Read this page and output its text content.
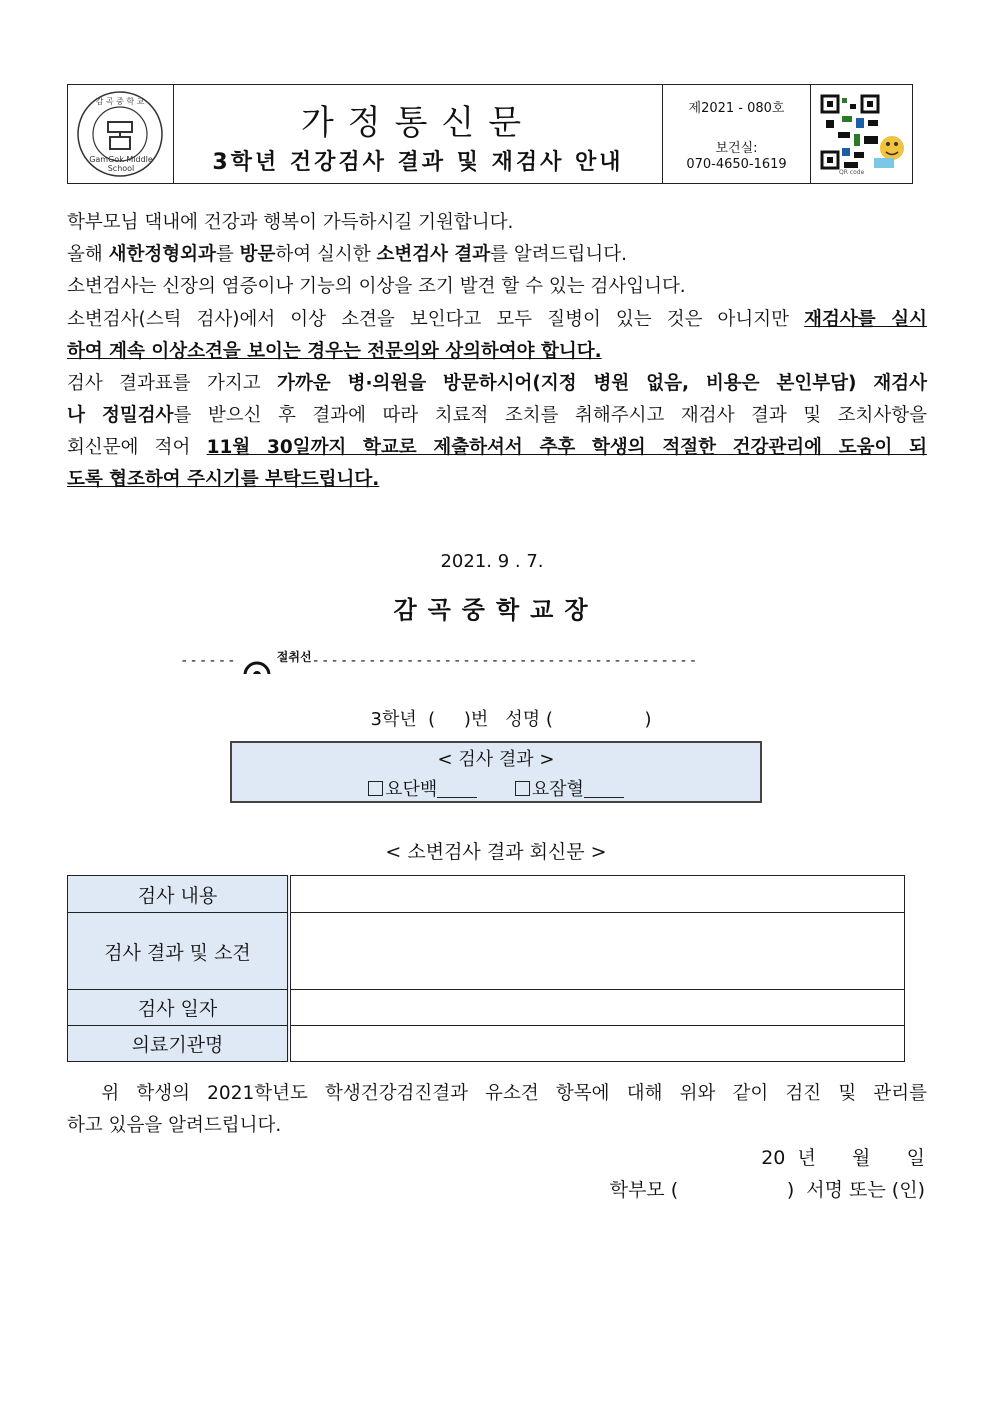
감 곡 중 학 교
GamGok Middle School
가정통신문
3학년 건강검사 결과 및 재검사 안내
제2021 - 080호
보건실:
070-4650-1619
QR code
학부모님 댁내에 건강과 행복이 가득하시길 기원합니다.
올해 새한정형외과를 방문하여 실시한 소변검사 결과를 알려드립니다.
소변검사는 신장의 염증이나 기능의 이상을 조기 발견 할 수 있는 검사입니다.
소변검사(스틱 검사)에서 이상 소견을 보인다고 모두 질병이 있는 것은 아니지만 재검사를 실시
하여 계속 이상소견을 보이는 경우는 전문의와 상의하여야 합니다.
검사 결과표를 가지고 가까운 병·의원을 방문하시어(지정 병원 없음, 비용은 본인부담) 재검사
나 정밀검사를 받으신 후 결과에 따라 치료적 조치를 취해주시고 재검사 결과 및 조치사항을
회신문에 적어 11월 30일까지 학교로 제출하셔서 추후 학생의 적절한 건강관리에 도움이 되
도록 협조하여 주시기를 부탁드립니다.
2021. 9 . 7.
감곡중학교장
------	$^{절취선}$-----------------------------------------
3학년  (     )번   성명 (                )
< 검사 결과 >
요단백	요잠혈
< 소변검사 결과 회신문 >
검사 내용	
검사 결과 및 소견	
검사 일자	
의료기관명	
위 학생의 2021학년도 학생건강검진결과 유소견 항목에 대해 위와 같이 검진 및 관리를
하고 있음을 알려드립니다.
20  년      월      일
학부모 (                  )  서명 또는 (인)
